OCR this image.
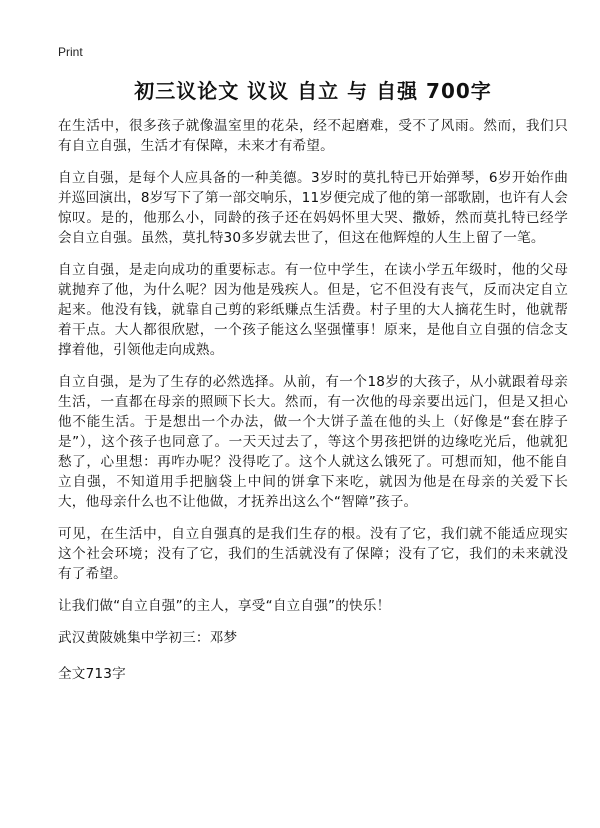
Print
初三议论文 议议 自立 与 自强 700字

在生活中，很多孩子就像温室里的花朵，经不起磨难，受不了风雨。然而，我们只有自立自强，生活才有保障，未来才有希望。

自立自强，是每个人应具备的一种美德。3岁时的莫扎特已开始弹琴，6岁开始作曲并巡回演出，8岁写下了第一部交响乐，11岁便完成了他的第一部歌剧，也许有人会惊叹。是的，他那么小，同龄的孩子还在妈妈怀里大哭、撒娇，然而莫扎特已经学会自立自强。虽然，莫扎特30多岁就去世了，但这在他辉煌的人生上留了一笔。

自立自强，是走向成功的重要标志。有一位中学生，在读小学五年级时，他的父母就抛弃了他，为什么呢？因为他是残疾人。但是，它不但没有丧气，反而决定自立起来。他没有钱，就靠自己剪的彩纸赚点生活费。村子里的大人摘花生时，他就帮着干点。大人都很欣慰，一个孩子能这么坚强懂事！原来，是他自立自强的信念支撑着他，引领他走向成熟。

自立自强，是为了生存的必然选择。从前，有一个18岁的大孩子，从小就跟着母亲生活，一直都在母亲的照顾下长大。然而，有一次他的母亲要出远门，但是又担心他不能生活。于是想出一个办法，做一个大饼子盖在他的头上（好像是“套在脖子是”），这个孩子也同意了。一天天过去了，等这个男孩把饼的边缘吃光后，他就犯愁了，心里想：再咋办呢？没得吃了。这个人就这么饿死了。可想而知，他不能自立自强，不知道用手把脑袋上中间的饼拿下来吃，就因为他是在母亲的关爱下长大，他母亲什么也不让他做，才抚养出这么个“智障”孩子。

可见，在生活中，自立自强真的是我们生存的根。没有了它，我们就不能适应现实这个社会环境；没有了它，我们的生活就没有了保障；没有了它，我们的未来就没有了希望。

让我们做“自立自强”的主人，享受“自立自强”的快乐！

武汉黄陂姚集中学初三：邓梦

全文713字
